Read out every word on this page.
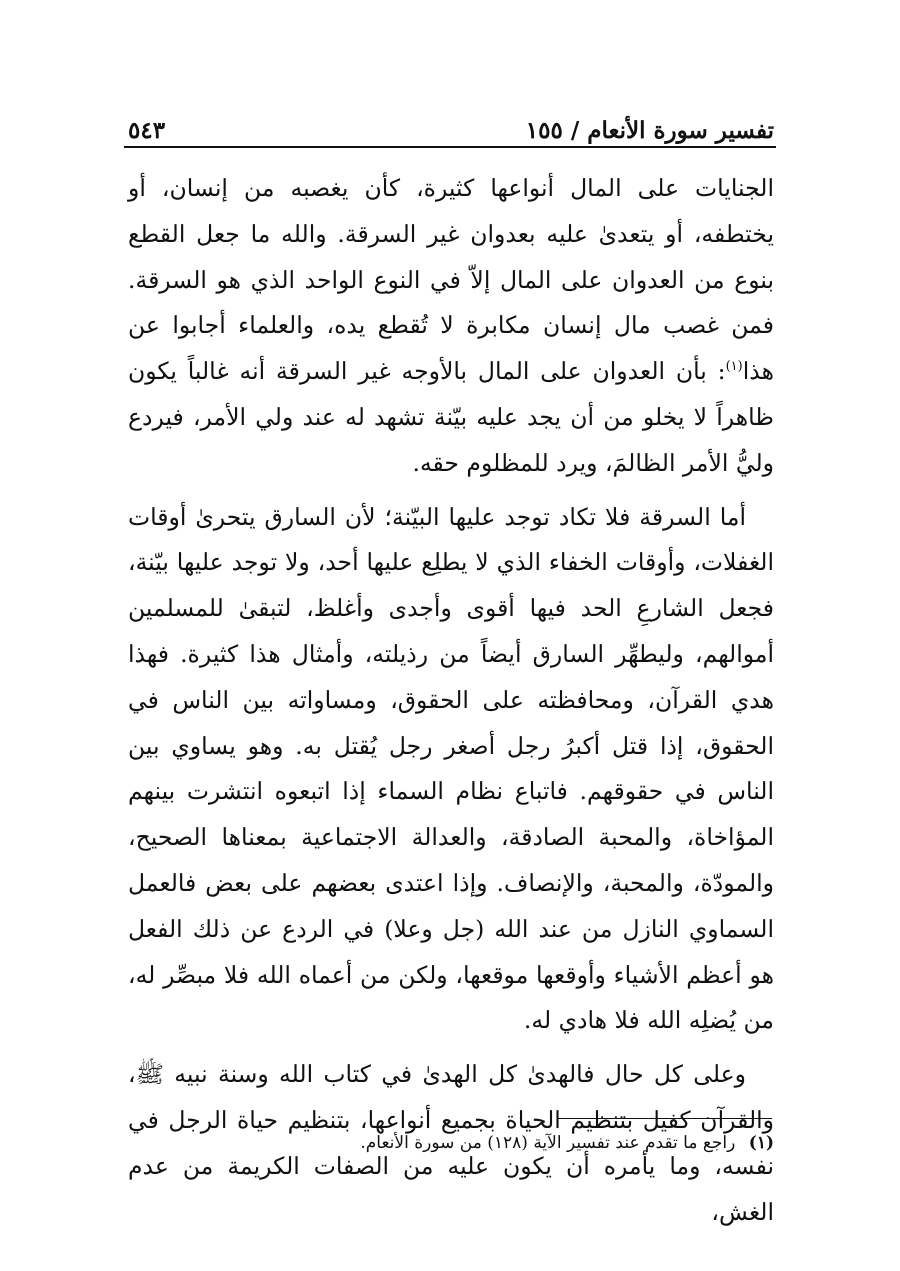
تفسير سورة الأنعام / ١٥٥
٥٤٣

الجنايات على المال أنواعها كثيرة، كأن يغصبه من إنسان، أو يختطفه، أو يتعدىٰ عليه بعدوان غير السرقة. والله ما جعل القطع بنوع من العدوان على المال إلاّ في النوع الواحد الذي هو السرقة. فمن غصب مال إنسان مكابرة لا تُقطع يده، والعلماء أجابوا عن هذا$^{(١)}$: بأن العدوان على المال بالأوجه غير السرقة أنه غالباً يكون ظاهراً لا يخلو من أن يجد عليه بيّنة تشهد له عند ولي الأمر، فيردع وليُّ الأمر الظالمَ، ويرد للمظلوم حقه.

أما السرقة فلا تكاد توجد عليها البيّنة؛ لأن السارق يتحرىٰ أوقات الغفلات، وأوقات الخفاء الذي لا يطلِع عليها أحد، ولا توجد عليها بيّنة، فجعل الشارعِ الحد فيها أقوى وأجدى وأغلظ، لتبقىٰ للمسلمين أموالهم، وليطهِّر السارق أيضاً من رذيلته، وأمثال هذا كثيرة. فهذا هدي القرآن، ومحافظته على الحقوق، ومساواته بين الناس في الحقوق، إذا قتل أكبرُ رجل أصغر رجل يُقتل به. وهو يساوي بين الناس في حقوقهم. فاتباع نظام السماء إذا اتبعوه انتشرت بينهم المؤاخاة، والمحبة الصادقة، والعدالة الاجتماعية بمعناها الصحيح، والمودّة، والمحبة، والإنصاف. وإذا اعتدى بعضهم على بعض فالعمل السماوي النازل من عند الله (جل وعلا) في الردع عن ذلك الفعل هو أعظم الأشياء وأوقعها موقعها، ولكن من أعماه الله فلا مبصِّر له، من يُضلِه الله فلا هادي له.

وعلى كل حال فالهدىٰ كل الهدىٰ في كتاب الله وسنة نبيه ﷺ، والقرآن كفيل بتنظيم الحياة بجميع أنواعها، بتنظيم حياة الرجل في نفسه، وما يأمره أن يكون عليه من الصفات الكريمة من عدم الغش،

(١) راجع ما تقدم عند تفسير الآية (١٢٨) من سورة الأنعام.
